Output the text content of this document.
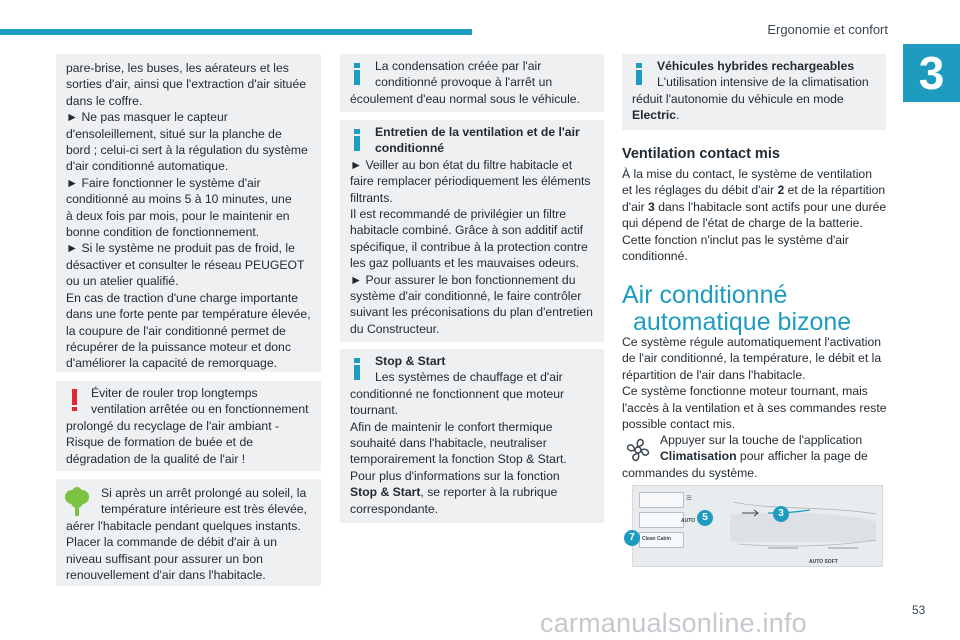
Ergonomie et confort
3
pare-brise, les buses, les aérateurs et les
sorties d'air, ainsi que l'extraction d'air située
dans le coffre.
► Ne pas masquer le capteur
d'ensoleillement, situé sur la planche de
bord ; celui-ci sert à la régulation du système
d'air conditionné automatique.
► Faire fonctionner le système d'air
conditionné au moins 5 à 10 minutes, une
à deux fois par mois, pour le maintenir en
bonne condition de fonctionnement.
► Si le système ne produit pas de froid, le
désactiver et consulter le réseau PEUGEOT
ou un atelier qualifié.
En cas de traction d'une charge importante
dans une forte pente par température élevée,
la coupure de l'air conditionné permet de
récupérer de la puissance moteur et donc
d'améliorer la capacité de remorquage.
Éviter de rouler trop longtemps
ventilation arrêtée ou en fonctionnement
prolongé du recyclage de l'air ambiant -
Risque de formation de buée et de
dégradation de la qualité de l'air !
Si après un arrêt prolongé au soleil, la
température intérieure est très élevée,
aérer l'habitacle pendant quelques instants.
Placer la commande de débit d'air à un
niveau suffisant pour assurer un bon
renouvellement d'air dans l'habitacle.
La condensation créée par l'air
conditionné provoque à l'arrêt un
écoulement d'eau normal sous le véhicule.
Entretien de la ventilation et de l'air
conditionné
► Veiller au bon état du filtre habitacle et
faire remplacer périodiquement les éléments
filtrants.
Il est recommandé de privilégier un filtre
habitacle combiné. Grâce à son additif actif
spécifique, il contribue à la protection contre
les gaz polluants et les mauvaises odeurs.
► Pour assurer le bon fonctionnement du
système d'air conditionné, le faire contrôler
suivant les préconisations du plan d'entretien
du Constructeur.
Stop & Start
Les systèmes de chauffage et d'air
conditionné ne fonctionnent que moteur
tournant.
Afin de maintenir le confort thermique
souhaité dans l'habitacle, neutraliser
temporairement la fonction Stop & Start.
Pour plus d'informations sur la fonction
Stop & Start, se reporter à la rubrique
correspondante.
Véhicules hybrides rechargeables
L'utilisation intensive de la climatisation
réduit l'autonomie du véhicule en mode
Electric.
Ventilation contact mis
À la mise du contact, le système de ventilation
et les réglages du débit d'air 2 et de la répartition
d'air 3 dans l'habitacle sont actifs pour une durée
qui dépend de l'état de charge de la batterie.
Cette fonction n'inclut pas le système d'air
conditionné.
Air conditionné
automatique bizone
Ce système régule automatiquement l'activation
de l'air conditionné, la température, le débit et la
répartition de l'air dans l'habitacle.
Ce système fonctionne moteur tournant, mais
l'accès à la ventilation et à ses commandes reste
possible contact mis.
Appuyer sur la touche de l'application
Climatisation pour afficher la page de
commandes du système.
Clean Cabin
≡
AUTO
AUTO SOFT
5	3
7
carmanualsonline.info	53
